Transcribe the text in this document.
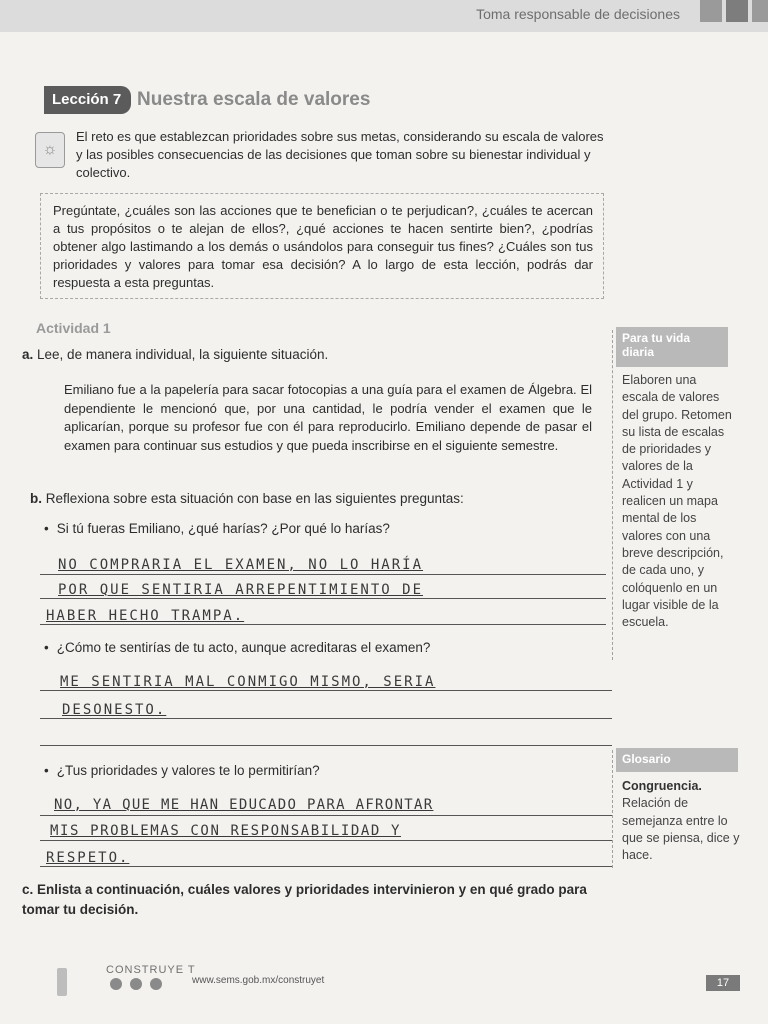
Toma responsable de decisiones
Lección 7 Nuestra escala de valores
☼
El reto es que establezcan prioridades sobre sus metas, considerando su escala de valores y las posibles consecuencias de las decisiones que toman sobre su bienestar individual y colectivo.
Pregúntate, ¿cuáles son las acciones que te benefician o te perjudican?, ¿cuáles te acercan a tus propósitos o te alejan de ellos?, ¿qué acciones te hacen sentirte bien?, ¿podrías obtener algo lastimando a los demás o usándolos para conseguir tus fines? ¿Cuáles son tus prioridades y valores para tomar esa decisión? A lo largo de esta lección, podrás dar respuesta a esta preguntas.
Actividad 1
a. Lee, de manera individual, la siguiente situación.
Emiliano fue a la papelería para sacar fotocopias a una guía para el examen de Álgebra. El dependiente le mencionó que, por una cantidad, le podría vender el examen que le aplicarían, porque su profesor fue con él para reproducirlo. Emiliano depende de pasar el examen para continuar sus estudios y que pueda inscribirse en el siguiente semestre.
b. Reflexiona sobre esta situación con base en las siguientes preguntas:
• Si tú fueras Emiliano, ¿qué harías? ¿Por qué lo harías?
NO COMPRARIA EL EXAMEN, NO LO HARÍA
POR QUE SENTIRIA ARREPENTIMIENTO DE
HABER HECHO TRAMPA.
• ¿Cómo te sentirías de tu acto, aunque acreditaras el examen?
ME SENTIRIA MAL CONMIGO MISMO, SERIA
DESONESTO.
• ¿Tus prioridades y valores te lo permitirían?
NO, YA QUE ME HAN EDUCADO PARA AFRONTAR
MIS PROBLEMAS CON RESPONSABILIDAD Y
RESPETO.
c. Enlista a continuación, cuáles valores y prioridades intervinieron y en qué grado para tomar tu decisión.
Para tu vida diaria
Elaboren una escala de valores del grupo. Retomen su lista de escalas de prioridades y valores de la Actividad 1 y realicen un mapa mental de los valores con una breve descripción, de cada uno, y colóquenlo en un lugar visible de la escuela.
Glosario
Congruencia.
Relación de semejanza entre lo que se piensa, dice y hace.
CONSTRUYE T
www.sems.gob.mx/construyet	17
